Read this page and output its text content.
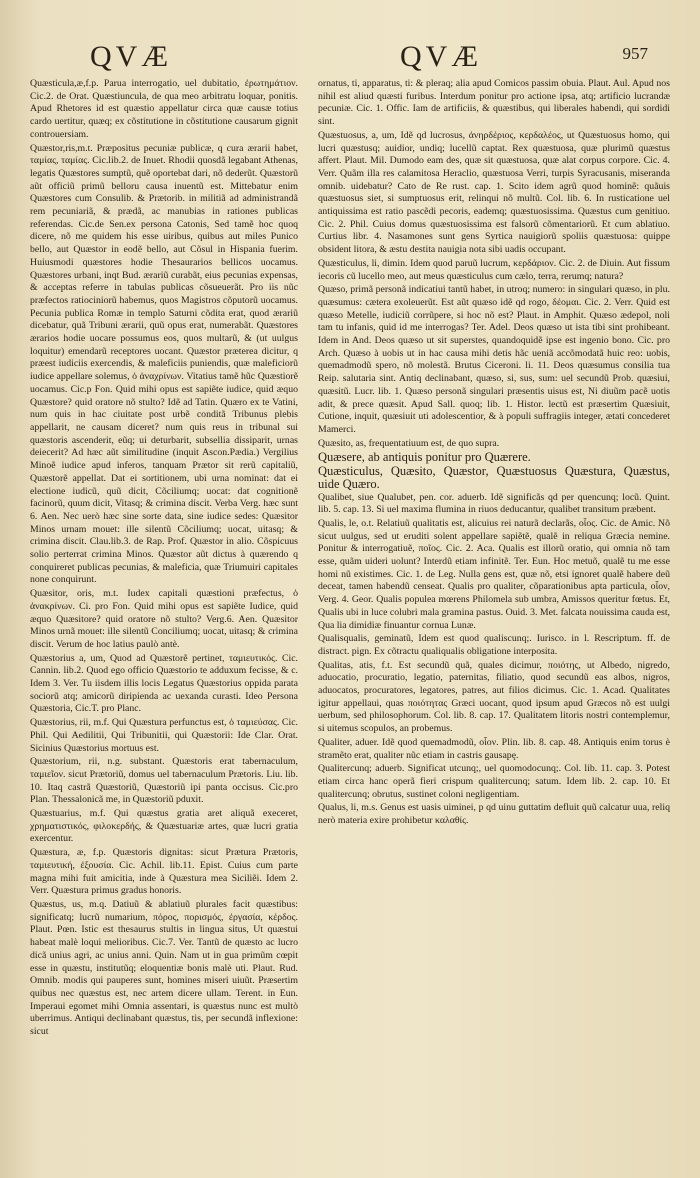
QVÆ	QVÆ	957

Quæsticula,æ,f.p. Parua interrogatio, uel dubitatio, ἐρωτημάτιον. Cic.2. de Orat. Quæstiuncula, de qua meo arbitratu loquar, ponitis. Apud Rhetores id est quæstio appellatur circa quæ causæ totius cardo uertitur, quæq; ex cõstitutione in cõstitutione causarum gignit controuersiam.

Quæstor,ris,m.t. Præpositus pecuniæ publicæ, q cura ærarii habet, ταμίας, ταμίας. Cic.lib.2. de Inuet. Rhodii quosdã legabant Athenas, legatis Quæstores sumptũ, quẽ oportebat dari, nõ dederũt. Quæstorũ aũt officiũ primũ belloru causa inuentũ est. Mittebatur enim Quæstores cum Consulib. & Prætorib. in militiã ad administrandã rem pecuniariã, & prædã, ac manubias in rationes publicas referendas. Cic.de Sen.ex persona Catonis, Sed tamẽ hoc quoq dicere, nõ me quidem his esse uiribus, quibus aut miles Punico bello, aut Quæstor in eodẽ bello, aut Cõsul in Hispania fuerim. Huiusmodi quæstores hodie Thesaurarios bellicos uocamus. Quæstores urbani, inqt Bud. ærariũ curabãt, eius pecunias expensas, & acceptas referre in tabulas publicas cõsueuerãt. Pro iis nũc præfectos ratiociniorũ habemus, quos Magistros cõputorũ uocamus. Pecunia publica Romæ in templo Saturni cõdita erat, quod ærariũ dicebatur, quã Tribuni ærarii, quũ opus erat, numerabãt. Quæstores ærarios hodie uocare possumus eos, quos multarũ, & (ut uulgus loquitur) emendarũ receptores uocant. Quæstor præterea dicitur, q præest iudiciis exercendis, & maleficiis puniendis, quæ maleficiorũ iudice appellare solemus, ὁ ἀναχρίνων. Vitatius tamẽ hũc Quæstiorẽ uocamus. Cic.p Fon. Quid mihi opus est sapiẽte iudice, quid æquo Quæstore? quid oratore nõ stulto? Idẽ ad Tatin. Quæro ex te Vatini, num quis in hac ciuitate post urbẽ conditã Tribunus plebis appellarit, ne causam diceret? num quis reus in tribunal sui quæstoris ascenderit, eũq; ui deturbarit, subsellia dissiparit, urnas deiecerit? Ad hæc aũt similitudine (inquit Ascon.Pædia.) Vergilius Minoẽ iudice apud inferos, tanquam Prætor sit rerũ capitaliũ, Quæstorẽ appellat. Dat ei sortitionem, ubi urna nominat: dat ei electione iudicũ, quũ dicit, Cõciliumq; uocat: dat cognitionẽ facinorũ, quum dicit, Vitasq; & crimina discit. Verba Verg. hæc sunt 6. Aen. Nec uerò hæc sine sorte data, sine iudice sedes: Quæsitor Minos urnam mouet: ille silentũ Cõciliumq; uocat, uitasq; & crimina discit. Clau.lib.3. de Rap. Prof. Quæstor in alio. Cõspicuus solio perterrat crimina Minos. Quæstor aũt dictus à quærendo q conquireret publicas pecunias, & maleficia, quæ Triumuiri capitales none conquirunt.

Quæsitor, oris, m.t. Iudex capitali quæstioni præfectus, ὁ ἀνακρίνων. Ci. pro Fon. Quid mihi opus est sapiẽte Iudice, quid æquo Quæsitore? quid oratore nõ stulto? Verg.6. Aen. Quæsitor Minos urnã mouet: ille silentũ Conciliumq; uocat, uitasq; & crimina discit. Verum de hoc latius paulò antè.

Quæstorius a, um, Quod ad Quæstorẽ pertinet, ταμιευτικός. Cic. Cannin. lib.2. Quod ego officio Quæstorio te adduxum fecisse, & c. Idem 3. Ver. Tu iisdem illis locis Legatus Quæstorius oppida parata sociorũ atq; amicorũ diripienda ac uexanda curasti. Ideo Persona Quæstoria, Cic.T. pro Planc.

Quæstorius, rii, m.f. Qui Quæstura perfunctus est, ὁ ταμιεύσας. Cic. Phil. Qui Aedilitii, Qui Tribunitii, qui Quæstorii: Ide Clar. Orat. Sicinius Quæstorius mortuus est.

Quæstorium, rii, n.g. substant. Quæstoris erat tabernaculum, ταμιεῖον. sicut Prætoriũ, domus uel tabernaculum Prætoris. Liu. lib. 10. Itaq castrã Quæstoriũ, Quæstoriũ ipi panta occisus. Cic.pro Plan. Thessalonicã me, in Quæstoriũ pduxit.

Quæstuarius, m.f. Qui quæstus gratia aret aliquã execeret, χρηματιστικός, φιλοκερδής, & Quæstuariæ artes, quæ lucri gratia exercentur.

Quæstura, æ, f.p. Quæstoris dignitas: sicut Prætura Prætoris, ταμιευτική, ἐξουσία. Cic. Achil. lib.11. Epist. Cuius cum parte magna mihi fuit amicitia, inde à Quæstura mea Siciliẽi. Idem 2. Verr. Quæstura primus gradus honoris.

Quæstus, us, m.q. Datiuũ & ablatiuũ plurales facit quæstibus: significatq; lucrũ numarium, πόρος, πορισμός, ἐργασία, κέρδος. Plaut. Pœn. Istic est thesaurus stultis in lingua situs, Ut quæstui habeat malè loqui melioribus. Cic.7. Ver. Tantũ de quæsto ac lucro dicã unius agri, ac unius anni. Quin. Nam ut in gua primũm cœpit esse in quæstu, institutũq; eloquentiæ bonis malè uti. Plaut. Rud. Omnib. modis qui pauperes sunt, homines miseri uiuũt. Præsertim quibus nec quæstus est, nec artem dicere ullam. Terent. in Eun. Imperaui egomet mihi Omnia assentari, is quæstus nunc est multò uberrimus. Antiqui declinabant quæstus, tis, per secundã inflexione: sicut

ornatus, ti, apparatus, ti: & pleraq; alia apud Comicos passim obuia. Plaut. Aul. Apud nos nihil est aliud quæsti furibus. Interdum ponitur pro actione ipsa, atq; artificio lucrandæ pecuniæ. Cic. 1. Offic. Iam de artificiis, & quæstibus, qui liberales habendi, qui sordidi sint.

Quæstuosus, a, um, Idẽ qd lucrosus, ἀνηρδέριος, κερδαλέος, ut Quæstuosus homo, qui lucri quæstusq; auidior, undiq; lucellũ captat. Rex quæstuosa, quæ plurimũ quæstus affert. Plaut. Mil. Dumodo eam des, quæ sit quæstuosa, quæ alat corpus corpore. Cic. 4. Verr. Quãm illa res calamitosa Heraclio, quæstuosa Verri, turpis Syracusanis, miseranda omnib. uidebatur? Cato de Re rust. cap. 1. Scito idem agrũ quod hominẽ: quãuis quæstuosus siet, si sumptuosus erit, relinqui nõ multũ. Col. lib. 6. In rusticatione uel antiquissima est ratio pascẽdi pecoris, eademq; quæstuosissima. Quæstus cum genitiuo. Cic. 2. Phil. Cuius domus quæstuosissima est falsorũ cõmentariorũ. Et cum ablatiuo. Curtius libr. 4. Nasamones sunt gens Syrtica nauigiorũ spoliis quæstuosa: quippe obsident litora, & æstu destita nauigia nota sibi uadis occupant.

Quæsticulus, li, dimin. Idem quod paruũ lucrum, κερδάριον. Cic. 2. de Diuin. Aut fissum iecoris cũ lucello meo, aut meus quæsticulus cum cælo, terra, rerumq; natura?

Quæso, primã personã indicatiui tantũ habet, in utroq; numero: in singulari quæso, in plu. quæsumus: cætera exoleuerũt. Est aũt quæso idẽ qd rogo, δέομαι. Cic. 2. Verr. Quid est quæso Metelle, iudiciũ corrũpere, si hoc nõ est? Plaut. in Amphit. Quæso ædepol, noli tam tu infanis, quid id me interrogas? Ter. Adel. Deos quæso ut ista tibi sint prohibeant. Idem in And. Deos quæso ut sit superstes, quandoquidẽ ipse est ingenio bono. Cic. pro Arch. Quæso à uobis ut in hac causa mihi detis hãc ueniã accõmodatã huic reo: uobis, quemadmodũ spero, nõ molestã. Brutus Ciceroni. li. 11. Deos quæsumus consilia tua Reip. salutaria sint. Antiq declinabant, quæso, si, sus, sum: uel secundũ Prob. quæsiui, quæsitũ. Lucr. lib. 1. Quæso personã singulari præsentis uisus est, Ni diuũm pacẽ uotis adit, & prece quæsit. Apud Sall. quoq; lib. 1. Histor. lectũ est præsertim Quæsiuit, Cutione, inquit, quæsiuit uti adolescentior, & à populi suffragiis integer, ætati concederet Mamerci.

Quæsito, as, frequentatiuum est, de quo supra.

Quæsere, ab antiquis ponitur pro Quærere.

Quæsticulus, Quæsito, Quæstor, Quæstuosus Quæstura, Quæstus, uide Quæro.

Qualibet, siue Qualubet, pen. cor. aduerb. Idẽ significãs qd per quencunq; locũ. Quint. lib. 5. cap. 13. Si uel maxima flumina in riuos deducantur, qualibet transitum præbent.

Qualis, le, o.t. Relatiuũ qualitatis est, alicuius rei naturã declarãs, οἷος. Cic. de Amic. Nõ sicut uulgus, sed ut eruditi solent appellare sapiẽtẽ, qualẽ in reliqua Græcia nemine. Ponitur & interrogatiuẽ, ποῖος. Cic. 2. Aca. Qualis est illorũ oratio, qui omnia nõ tam esse, quãm uideri uolunt? Interdũ etiam infinitẽ. Ter. Eun. Hoc metuõ, qualẽ tu me esse homi nũ existimes. Cic. 1. de Leg. Nulla gens est, quæ nõ, etsi ignoret qualẽ habere deũ deceat, tamen habendũ censeat. Qualis pro qualiter, cõparationibus apta particula, οἷον, Verg. 4. Geor. Qualis populea mœrens Philomela sub umbra, Amissos queritur fœtus. Et, Qualis ubi in luce colubri mala gramina pastus. Ouid. 3. Met. falcata nouissima cauda est, Qua lia dimidiæ finuantur cornua Lunæ.

Qualisqualis, geminatũ, Idem est quod qualiscunq;. Iurisco. in l. Rescriptum. ff. de distract. pign. Ex cõtractu qualiqualis obligatione interposita.

Qualitas, atis, f.t. Est secundũ quã, quales dicimur, ποιότης, ut Albedo, nigredo, aduocatio, procuratio, legatio, paternitas, filiatio, quod secundũ eas albos, nigros, aduocatos, procuratores, legatores, patres, aut filios dicimus. Cic. 1. Acad. Qualitates igitur appellaui, quas ποιότητας Græci uocant, quod ipsum apud Græcos nõ est uulgi uerbum, sed philosophorum. Col. lib. 8. cap. 17. Qualitatem litoris nostri contemplemur, si uitemus scopulos, an probemus.

Qualiter, aduer. Idẽ quod quemadmodũ, οἷον. Plin. lib. 8. cap. 48. Antiquis enim torus è stramẽto erat, qualiter nũc etiam in castris gausapę.

Qualitercunq; aduerb. Significat utcunq;, uel quomodocunq;. Col. lib. 11. cap. 3. Potest etiam circa hanc operã fieri crispum qualitercunq; satum. Idem lib. 2. cap. 10. Et qualitercunq; obrutus, sustinet coloni negligentiam.

Qualus, li, m.s. Genus est uasis uiminei, p qd uinu guttatim defluit quũ calcatur uua, reliq nerò materia exire prohibetur καλαθίς.
